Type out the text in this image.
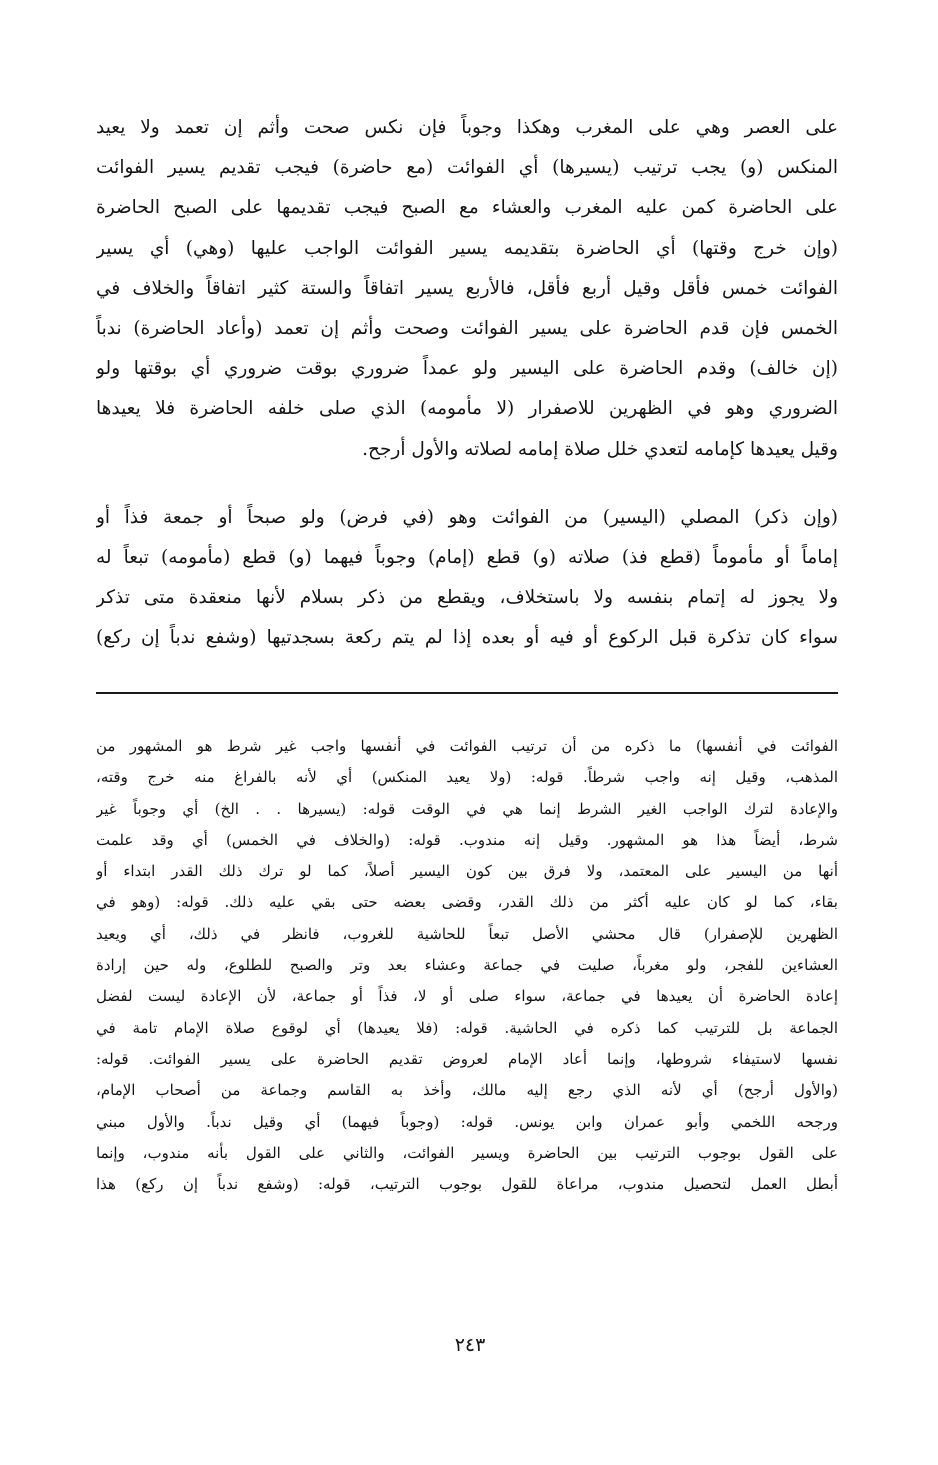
على العصر وهي على المغرب وهكذا وجوباً فإن نكس صحت وأثم إن تعمد ولا يعيد
المنكس (و) يجب ترتيب (يسيرها) أي الفوائت (مع حاضرة) فيجب تقديم يسير الفوائت
على الحاضرة كمن عليه المغرب والعشاء مع الصبح فيجب تقديمها على الصبح الحاضرة
(وإن خرج وقتها) أي الحاضرة بتقديمه يسير الفوائت الواجب عليها (وهي) أي يسير
الفوائت خمس فأقل وقيل أربع فأقل، فالأربع يسير اتفاقاً والستة كثير اتفاقاً والخلاف في
الخمس فإن قدم الحاضرة على يسير الفوائت وصحت وأثم إن تعمد (وأعاد الحاضرة) ندباً
(إن خالف) وقدم الحاضرة على اليسير ولو عمداً ضروري بوقت ضروري أي بوقتها ولو
الضروري وهو في الظهرين للاصفرار (لا مأمومه) الذي صلى خلفه الحاضرة فلا يعيدها
وقيل يعيدها كإمامه لتعدي خلل صلاة إمامه لصلاته والأول أرجح.
(وإن ذكر) المصلي (اليسير) من الفوائت وهو (في فرض) ولو صبحاً أو جمعة فذاً أو
إماماً أو مأموماً (قطع فذ) صلاته (و) قطع (إمام) وجوباً فيهما (و) قطع (مأمومه) تبعاً له
ولا يجوز له إتمام بنفسه ولا باستخلاف، ويقطع من ذكر بسلام لأنها منعقدة متى تذكر
سواء كان تذكرة قبل الركوع أو فيه أو بعده إذا لم يتم ركعة بسجدتيها (وشفع ندباً إن ركع)
الفوائت في أنفسها) ما ذكره من أن ترتيب الفوائت في أنفسها واجب غير شرط هو المشهور من
المذهب، وقيل إنه واجب شرطاً. قوله: (ولا يعيد المنكس) أي لأنه بالفراغ منه خرج وقته،
والإعادة لترك الواجب الغير الشرط إنما هي في الوقت قوله: (يسيرها . . الخ) أي وجوباً غير
شرط، أيضاً هذا هو المشهور. وقيل إنه مندوب. قوله: (والخلاف في الخمس) أي وقد علمت
أنها من اليسير على المعتمد، ولا فرق بين كون اليسير أصلاً، كما لو ترك ذلك القدر ابتداء أو
بقاء، كما لو كان عليه أكثر من ذلك القدر، وقضى بعضه حتى بقي عليه ذلك. قوله: (وهو في
الظهرين للإصفرار) قال محشي الأصل تبعاً للحاشية للغروب، فانظر في ذلك، أي ويعيد
العشاءين للفجر، ولو مغرباً، صليت في جماعة وعشاء بعد وتر والصبح للطلوع، وله حين إرادة
إعادة الحاضرة أن يعيدها في جماعة، سواء صلى أو لا، فذاً أو جماعة، لأن الإعادة ليست لفضل
الجماعة بل للترتيب كما ذكره في الحاشية. قوله: (فلا يعيدها) أي لوقوع صلاة الإمام تامة في
نفسها لاستيفاء شروطها، وإنما أعاد الإمام لعروض تقديم الحاضرة على يسير الفوائت. قوله:
(والأول أرجح) أي لأنه الذي رجع إليه مالك، وأخذ به القاسم وجماعة من أصحاب الإمام،
ورجحه اللخمي وأبو عمران وابن يونس. قوله: (وجوباً فيهما) أي وقيل ندباً. والأول مبني
على القول بوجوب الترتيب بين الحاضرة ويسير الفوائت، والثاني على القول بأنه مندوب، وإنما
أبطل العمل لتحصيل مندوب، مراعاة للقول بوجوب الترتيب، قوله: (وشفع ندباً إن ركع) هذا
٢٤٣
